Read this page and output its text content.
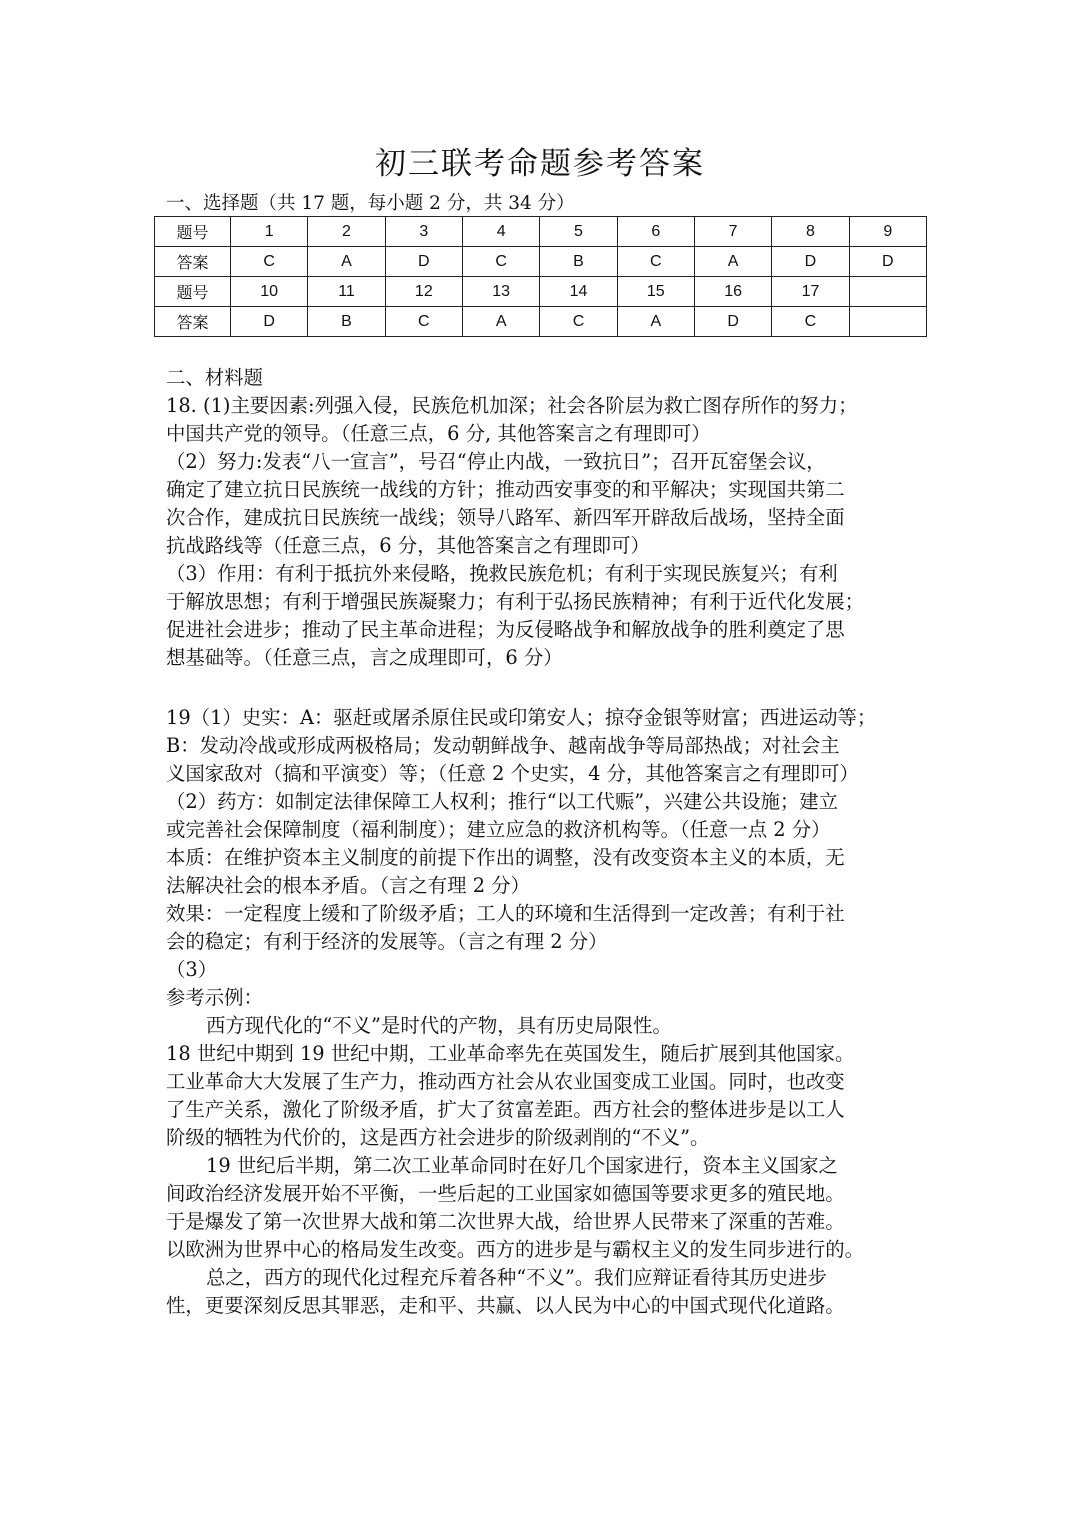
初三联考命题参考答案
一、选择题（共 17 题，每小题 2 分，共 34 分）
题号	1	2	3	4	5	6	7	8	9
答案	C	A	D	C	B	C	A	D	D
题号	10	11	12	13	14	15	16	17	
答案	D	B	C	A	C	A	D	C	

二、材料题

18. (1)主要因素:列强入侵，民族危机加深；社会各阶层为救亡图存所作的努力；

中国共产党的领导。（任意三点，6 分, 其他答案言之有理即可）

（2）努力:发表“八一宣言”，号召“停止内战，一致抗日”；召开瓦窑堡会议，

确定了建立抗日民族统一战线的方针；推动西安事变的和平解决；实现国共第二

次合作，建成抗日民族统一战线；领导八路军、新四军开辟敌后战场，坚持全面

抗战路线等（任意三点，6 分，其他答案言之有理即可）

（3）作用：有利于抵抗外来侵略，挽救民族危机；有利于实现民族复兴；有利

于解放思想；有利于增强民族凝聚力；有利于弘扬民族精神；有利于近代化发展；

促进社会进步；推动了民主革命进程；为反侵略战争和解放战争的胜利奠定了思

想基础等。（任意三点，言之成理即可，6 分）

19（1）史实：A：驱赶或屠杀原住民或印第安人；掠夺金银等财富；西进运动等；

B：发动冷战或形成两极格局；发动朝鲜战争、越南战争等局部热战；对社会主

义国家敌对（搞和平演变）等；（任意 2 个史实，4 分，其他答案言之有理即可）

（2）药方：如制定法律保障工人权利；推行“以工代赈”，兴建公共设施；建立

或完善社会保障制度（福利制度）；建立应急的救济机构等。（任意一点 2 分）

本质：在维护资本主义制度的前提下作出的调整，没有改变资本主义的本质，无

法解决社会的根本矛盾。（言之有理 2 分）

效果：一定程度上缓和了阶级矛盾；工人的环境和生活得到一定改善；有利于社

会的稳定；有利于经济的发展等。（言之有理 2 分）

（3）

参考示例：

西方现代化的“不义”是时代的产物，具有历史局限性。

18 世纪中期到 19 世纪中期，工业革命率先在英国发生，随后扩展到其他国家。

工业革命大大发展了生产力，推动西方社会从农业国变成工业国。同时，也改变

了生产关系，激化了阶级矛盾，扩大了贫富差距。西方社会的整体进步是以工人

阶级的牺牲为代价的，这是西方社会进步的阶级剥削的“不义”。

19 世纪后半期，第二次工业革命同时在好几个国家进行，资本主义国家之

间政治经济发展开始不平衡，一些后起的工业国家如德国等要求更多的殖民地。

于是爆发了第一次世界大战和第二次世界大战，给世界人民带来了深重的苦难。

以欧洲为世界中心的格局发生改变。西方的进步是与霸权主义的发生同步进行的。

总之，西方的现代化过程充斥着各种“不义”。我们应辩证看待其历史进步

性，更要深刻反思其罪恶，走和平、共赢、以人民为中心的中国式现代化道路。
